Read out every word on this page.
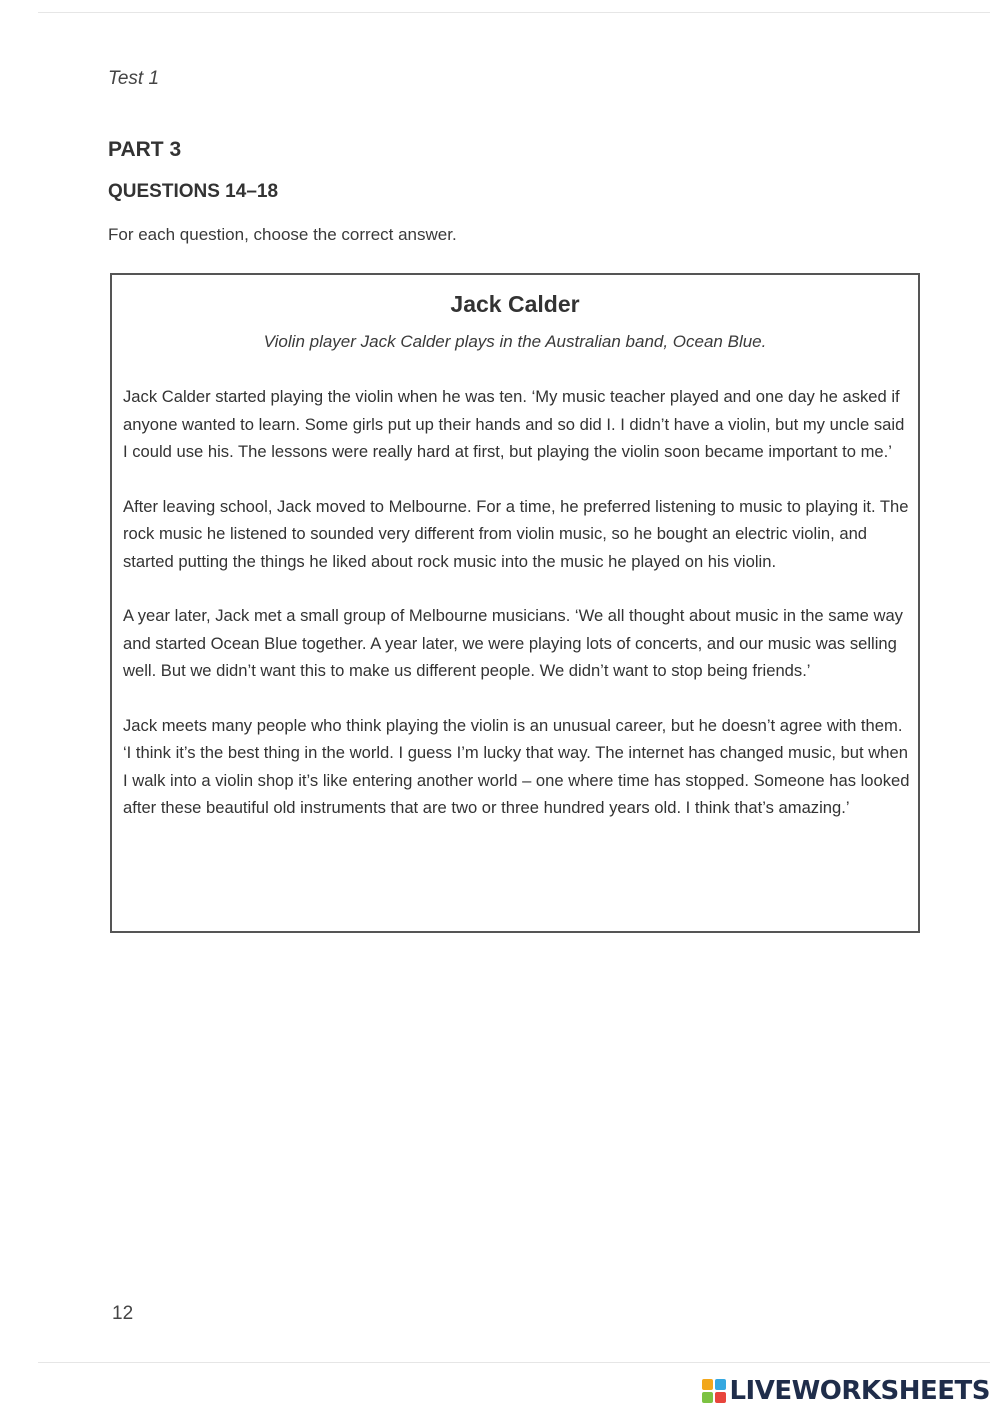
Test 1
PART 3
QUESTIONS 14–18
For each question, choose the correct answer.
Jack Calder
Violin player Jack Calder plays in the Australian band, Ocean Blue.

Jack Calder started playing the violin when he was ten. ‘My music teacher played and one day he asked if anyone wanted to learn. Some girls put up their hands and so did I. I didn’t have a violin, but my uncle said I could use his. The lessons were really hard at first, but playing the violin soon became important to me.’

After leaving school, Jack moved to Melbourne. For a time, he preferred listening to music to playing it. The rock music he listened to sounded very different from violin music, so he bought an electric violin, and started putting the things he liked about rock music into the music he played on his violin.

A year later, Jack met a small group of Melbourne musicians. ‘We all thought about music in the same way and started Ocean Blue together. A year later, we were playing lots of concerts, and our music was selling well. But we didn’t want this to make us different people. We didn’t want to stop being friends.’

Jack meets many people who think playing the violin is an unusual career, but he doesn’t agree with them. ‘I think it’s the best thing in the world. I guess I’m lucky that way. The internet has changed music, but when I walk into a violin shop it’s like entering another world – one where time has stopped. Someone has looked after these beautiful old instruments that are two or three hundred years old. I think that’s amazing.’

12
LIVEWORKSHEETS
